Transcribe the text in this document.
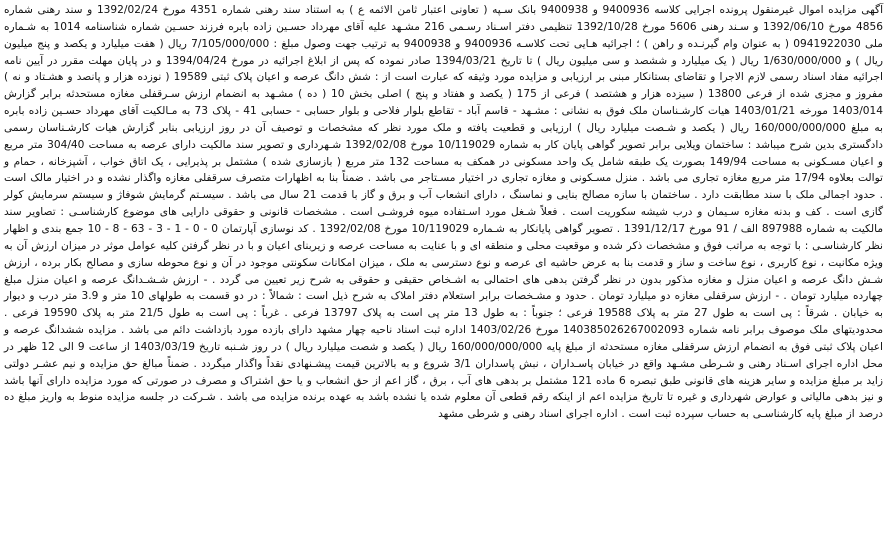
آگهی مزایده اموال غیرمنقول پرونده اجرایی کلاسه 9400936 و 9400938 بانک سـپه ( تعاونی اعتبار ثامن الائمه ع ) به استناد سند رهنی شماره 4351 مورخ 1392/02/24 و سند رهنی شماره 4856 مورخ 1392/06/10 و سـند رهنی 5606 مورخ 1392/10/28 تنظیمی دفتر اسـناد رسـمی 216 مشـهد علیه آقای مهرداد حسـین زاده بابره فرزند حسـین شماره شناسنامه 1014 به شـماره ملی 0941922030 ( به عنوان وام گیرنـده و راهن ) ؛ اجرائیه هـایی تحت کلاسـه 9400936 و 9400938 به ترتیب جهت وصول مبلغ : 7/105/000/000 ریال ( هفت میلیارد و یکصد و پنج میلیون ریال ) و 1/630/000/000 ریال ( یک میلیارد و ششصد و سی میلیون ریال ) تا تاریخ 1394/03/21 صادر نموده که پس از ابلاغ اجرائیه در مورخ 1394/04/24 و در پایان مهلت مقرر در آیین نامه اجرائیه مفاد اسناد رسمی لازم الاجرا و تقاضای بستانکار مبنی بر ارزیابی و مزایده مورد وثیقه که عبارت است از : شش دانگ عرصه و اعیان پلاک ثبتی 19589 ( نوزده هزار و پانصد و هشـتاد و نه ) مفروز و مجزی شده از فرعی 13800 ( سیزده هزار و هشتصد ) فرعی از 175 ( یکصد و هفتاد و پنج ) اصلی بخش 10 ( ده ) مشـهد به انضمام ارزش سـرقفلی مغازه مستحدثه برابر گزارش 1403/014 مورخه 1403/01/21 هیات کارشـناسان ملک فوق به نشانی : مشـهد - قاسم آباد - تقاطع بلوار فلاحی و بلوار حسابی - حسابی 41 - پلاک 73 به مـالکیت آقای مهرداد حسـین زاده بابره به مبلغ 160/000/000/000 ریال ( یکصد و شـصت میلیارد ریال ) ارزیابی و قطعیت یافته و ملک مورد نظر که مشخصات و توصیف آن در روز ارزیابی بنابر گزارش هیات کارشـناسان رسمی دادگستری بدین شرح میباشد : ساختمان ویلایی برابر تصویر گواهی پایان کار به شماره 10/119029 مورخ 1392/02/08 شـهرداری و تصویر سند مالکیت دارای عرصه به مساحت 304/40 متر مربع و اعیان مسـکونی به مساحت 149/94 بصورت یک طبقه شامل یک واحد مسکونی در همکف به مساحت 132 متر مربع ( بازسازی شده ) مشتمل بر پذیرایی ، یک اتاق خواب ، آشپزخانه ، حمام و توالت بعلاوه 17/94 متر مربع مغازه تجاری می باشد . منزل مسـکونی و مغازه تجاری در اختیار مسـتاجر می باشد . ضمناً بنا به اظهارات متصرف سرقفلی مغازه واگذار نشده و در اختیار مالک است . حدود اجمالی ملک با سند مطابقت دارد . ساختمان با سازه مصالح بنایی و نماسنگ ، دارای انشعاب آب و برق و گاز با قدمت 21 سال می باشد . سیسـتم گرمایش شوفاژ و سیستم سرمایش کولر گازی است . کف و بدنه مغازه سـیمان و درب شیشه سکوریت است . فعلاً شـغل مورد اسـتفاده میوه فروشـی است . مشخصات قانونی و حقوقی دارایی های موضوع کارشناسـی : تصاویر سند مالکیت به شماره 897988 الف / 91 مورخ 1391/12/17 . تصویر گواهی پایانکار به شـماره 10/119029 مورخ 1392/02/08 . کد نوسازی آپارتمان 0 - 0 - 1 - 3 - 63 - 8 - 10 جمع بندی و اظهار نظر کارشناسـی : با توجه به مراتب فوق و مشخصات ذکر شده و موقعیت محلی و منطقه ای و با عنایت به مساحت عرصه و زیربنای اعیان و با در نظر گرفتن کلیه عوامل موثر در میزان ارزش آن به ویژه مکانیت ، نوع کاربری ، نوع ساخت و ساز و قدمت بنا به عرض حاشیه ای عرصه و نوع دسترسی به ملک ، میزان امکانات سکونتی موجود در آن و نوع محوطه سازی و مصالح بکار برده ، ارزش شـش دانگ عرصه و اعیان منزل و مغازه مذکور بدون در نظر گرفتن بدهی های احتمالی به اشـخاص حقیقی و حقوقی به شرح زیر تعیین می گردد . - ارزش شـشـدانگ عرصه و اعیان منزل مبلغ چهارده میلیارد تومان . - ارزش سرقفلی مغازه دو میلیارد تومان . حدود و مشـخصات برابر استعلام دفتر املاک به شرح ذیل است : شمالاً : در دو قسمت به طولهای 10 متر و 3.9 متر درب و دیوار به خیابان . شرقاً : پی است به طول 27 متر به پلاک 19588 فرعی ؛ جنوباً : به طول 13 متر پی است به پلاک 13797 فرعی . غرباً : پی است به طول 21/5 متر به پلاک 19590 فرعی . محدودیتهای ملک موصوف برابر نامه شماره 140385026267002093 مورخ 1403/02/26 اداره ثبت اسناد ناحیه چهار مشهد دارای بازده مورد بازداشت دائم می باشد . مزایده ششدانگ عرصه و اعیان پلاک ثبتی فوق به انضمام ارزش سرقفلی مغازه مستحدثه از مبلغ پایه 160/000/000/000 ریال ( یکصد و شصت میلیارد ریال ) در روز شـنبه تاریخ 1403/03/19 از ساعت 9 الی 12 ظهر در محل اداره اجرای اسـناد رهنی و شـرطی مشـهد واقع در خیابان پاسـداران ، نبش پاسداران 3/1 شروع و به بالاترین قیمت پیشـنهادی نقداً واگذار میگردد . ضمناً مبالغ حق مزایده و نیم عشـر دولتی زاید بر مبلغ مزایده و سایر هزینه های قانونی طبق تبصره 6 ماده 121 مشتمل بر بدهی های آب ، برق ، گاز اعم از حق انشعاب و یا حق اشتراک و مصرف در صورتی که مورد مزایده دارای آنها باشد و نیز بدهی مالیاتی و عوارض شهرداری و غیره تا تاریخ مزایده اعم از اینکه رقم قطعی آن معلوم شده یا نشده باشد به عهده برنده مزایده می باشد . شـرکت در جلسه مزایده منوط به واریز مبلغ ده درصد از مبلغ پایه کارشناسـی به حساب سپرده ثبت است . اداره اجرای اسناد رهنی و شرطی مشهد
